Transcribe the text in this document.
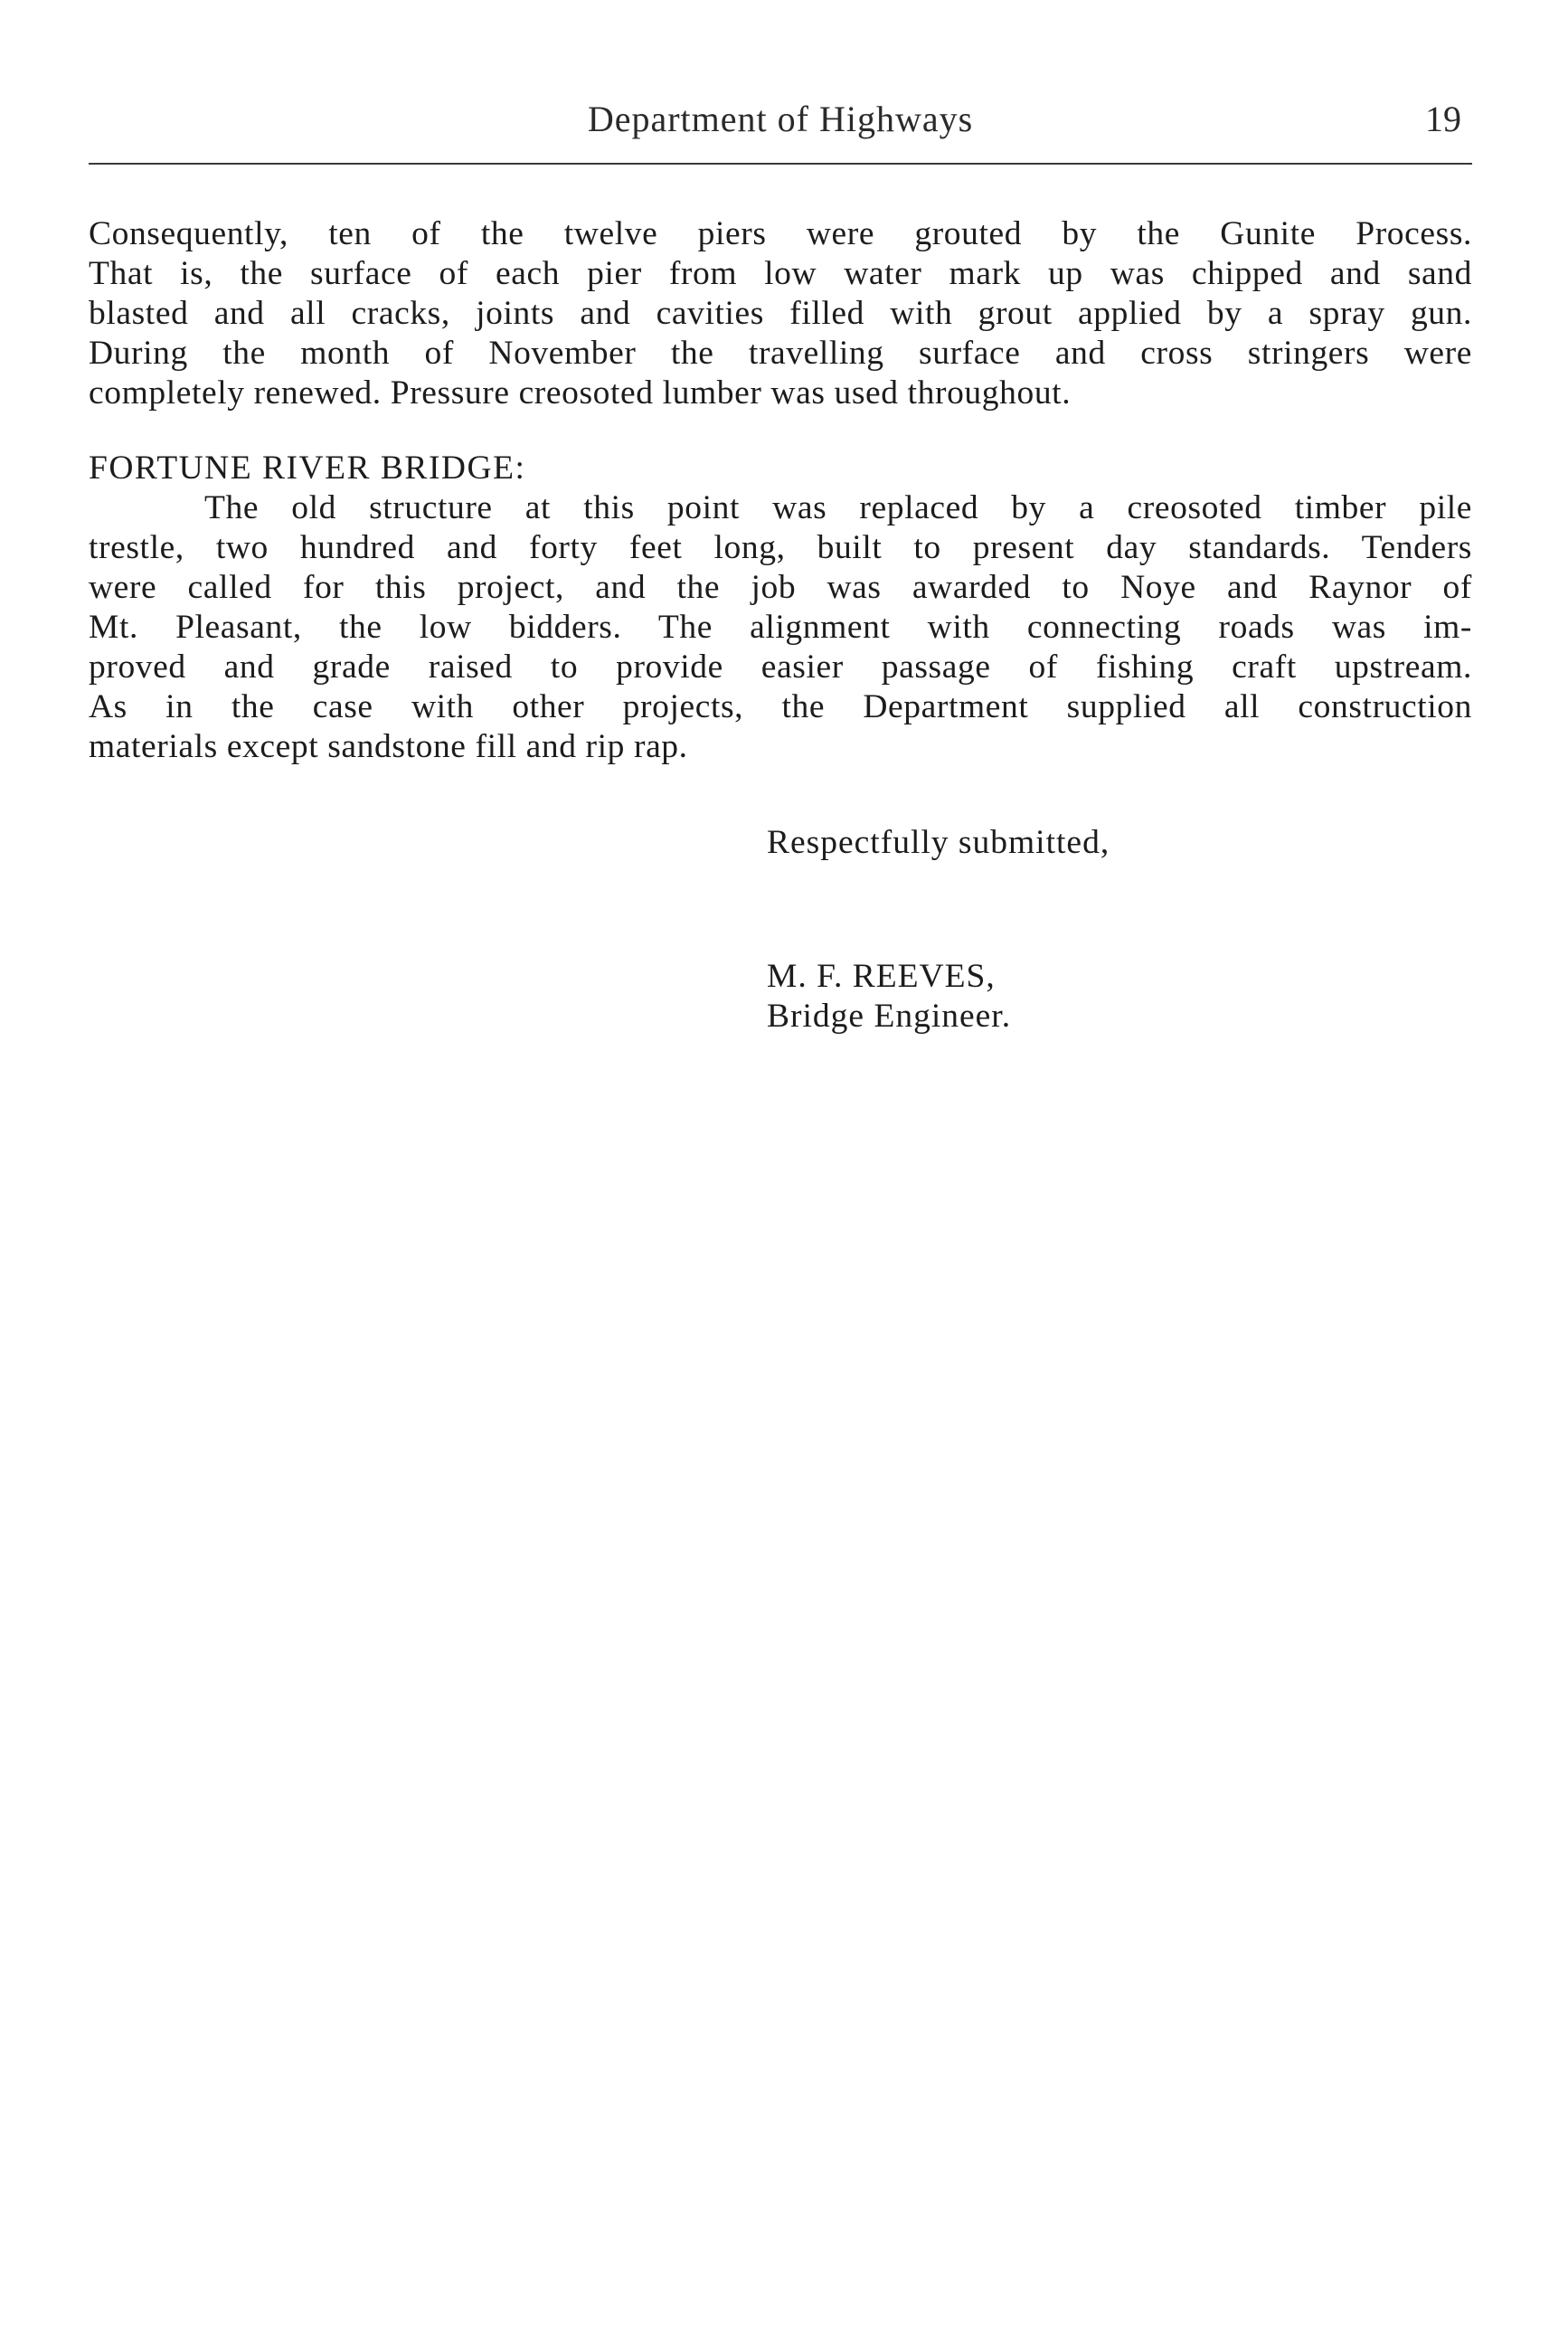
Department of Highways	19
Consequently, ten of the twelve piers were grouted by the Gunite Process.
That is, the surface of each pier from low water mark up was chipped and sand
blasted and all cracks, joints and cavities filled with grout applied by a spray gun.
During the month of November the travelling surface and cross stringers were
completely renewed. Pressure creosoted lumber was used throughout.
FORTUNE RIVER BRIDGE:
The old structure at this point was replaced by a creosoted timber pile
trestle, two hundred and forty feet long, built to present day standards. Tenders
were called for this project, and the job was awarded to Noye and Raynor of
Mt. Pleasant, the low bidders. The alignment with connecting roads was im-
proved and grade raised to provide easier passage of fishing craft upstream.
As in the case with other projects, the Department supplied all construction
materials except sandstone fill and rip rap.
Respectfully submitted,
M. F. REEVES,
Bridge Engineer.
